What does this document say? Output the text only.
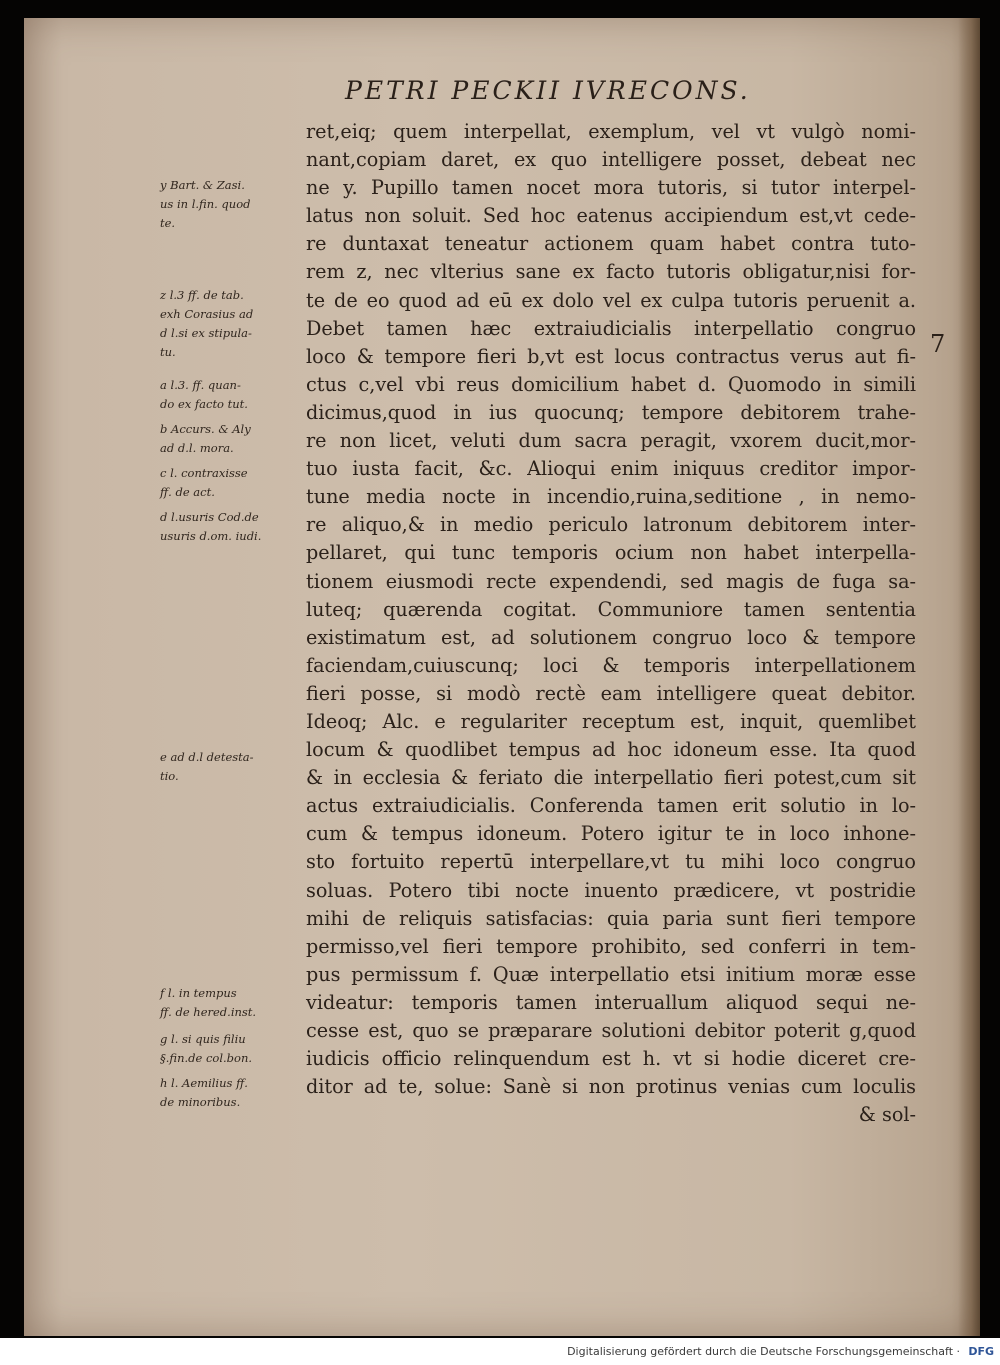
PETRI PECKII IVRECONS.
7
ret,eiq; quem interpellat, exemplum, vel vt vulgò nomi-
nant,copiam daret, ex quo intelligere posset, debeat nec
ne y. Pupillo tamen nocet mora tutoris, si tutor interpel-
latus non soluit. Sed hoc eatenus accipiendum est,vt cede-
re duntaxat teneatur actionem quam habet contra tuto-
rem z, nec vlterius sane ex facto tutoris obligatur,nisi for-
te de eo quod ad eū ex dolo vel ex culpa tutoris peruenit a.
Debet tamen hæc extraiudicialis interpellatio congruo
loco & tempore fieri b,vt est locus contractus verus aut fi-
ctus c,vel vbi reus domicilium habet d. Quomodo in simili
dicimus,quod in ius quocunq; tempore debitorem trahe-
re non licet, veluti dum sacra peragit, vxorem ducit,mor-
tuo iusta facit, &c. Alioqui enim iniquus creditor impor-
tune media nocte in incendio,ruina,seditione , in nemo-
re aliquo,& in medio periculo latronum debitorem inter-
pellaret, qui tunc temporis ocium non habet interpella-
tionem eiusmodi recte expendendi, sed magis de fuga sa-
luteq; quærenda cogitat. Communiore tamen sententia
existimatum est, ad solutionem congruo loco & tempore
faciendam,cuiuscunq; loci & temporis interpellationem
fieri posse, si modò rectè eam intelligere queat debitor.
Ideoq; Alc. e regulariter receptum est, inquit, quemlibet
locum & quodlibet tempus ad hoc idoneum esse. Ita quod
& in ecclesia & feriato die interpellatio fieri potest,cum sit
actus extraiudicialis. Conferenda tamen erit solutio in lo-
cum & tempus idoneum. Potero igitur te in loco inhone-
sto fortuito repertū interpellare,vt tu mihi loco congruo
soluas. Potero tibi nocte inuento prædicere, vt postridie
mihi de reliquis satisfacias: quia paria sunt fieri tempore
permisso,vel fieri tempore prohibito, sed conferri in tem-
pus permissum f. Quæ interpellatio etsi initium moræ esse
videatur: temporis tamen interuallum aliquod sequi ne-
cesse est, quo se præparare solutioni debitor poterit g,quod
iudicis officio relinquendum est h. vt si hodie diceret cre-
ditor ad te, solue: Sanè si non protinus venias cum loculis
& sol-
y Bart. & Zasi.
us in l.fin. quod
te.
z l.3 ff. de tab.
exh Corasius ad
d l.si ex stipula-
tu.
a l.3. ff. quan-
do ex facto tut.
b Accurs. & Aly
ad d.l. mora.
c l. contraxisse
ff. de act.
d l.usuris Cod.de
usuris d.om. iudi.
e ad d.l detesta-
tio.
f l. in tempus
ff. de hered.inst.
g l. si quis filiu
§.fin.de col.bon.
h l. Aemilius ff.
de minoribus.
Digitalisierung gefördert durch die Deutsche Forschungsgemeinschaft · DFG
